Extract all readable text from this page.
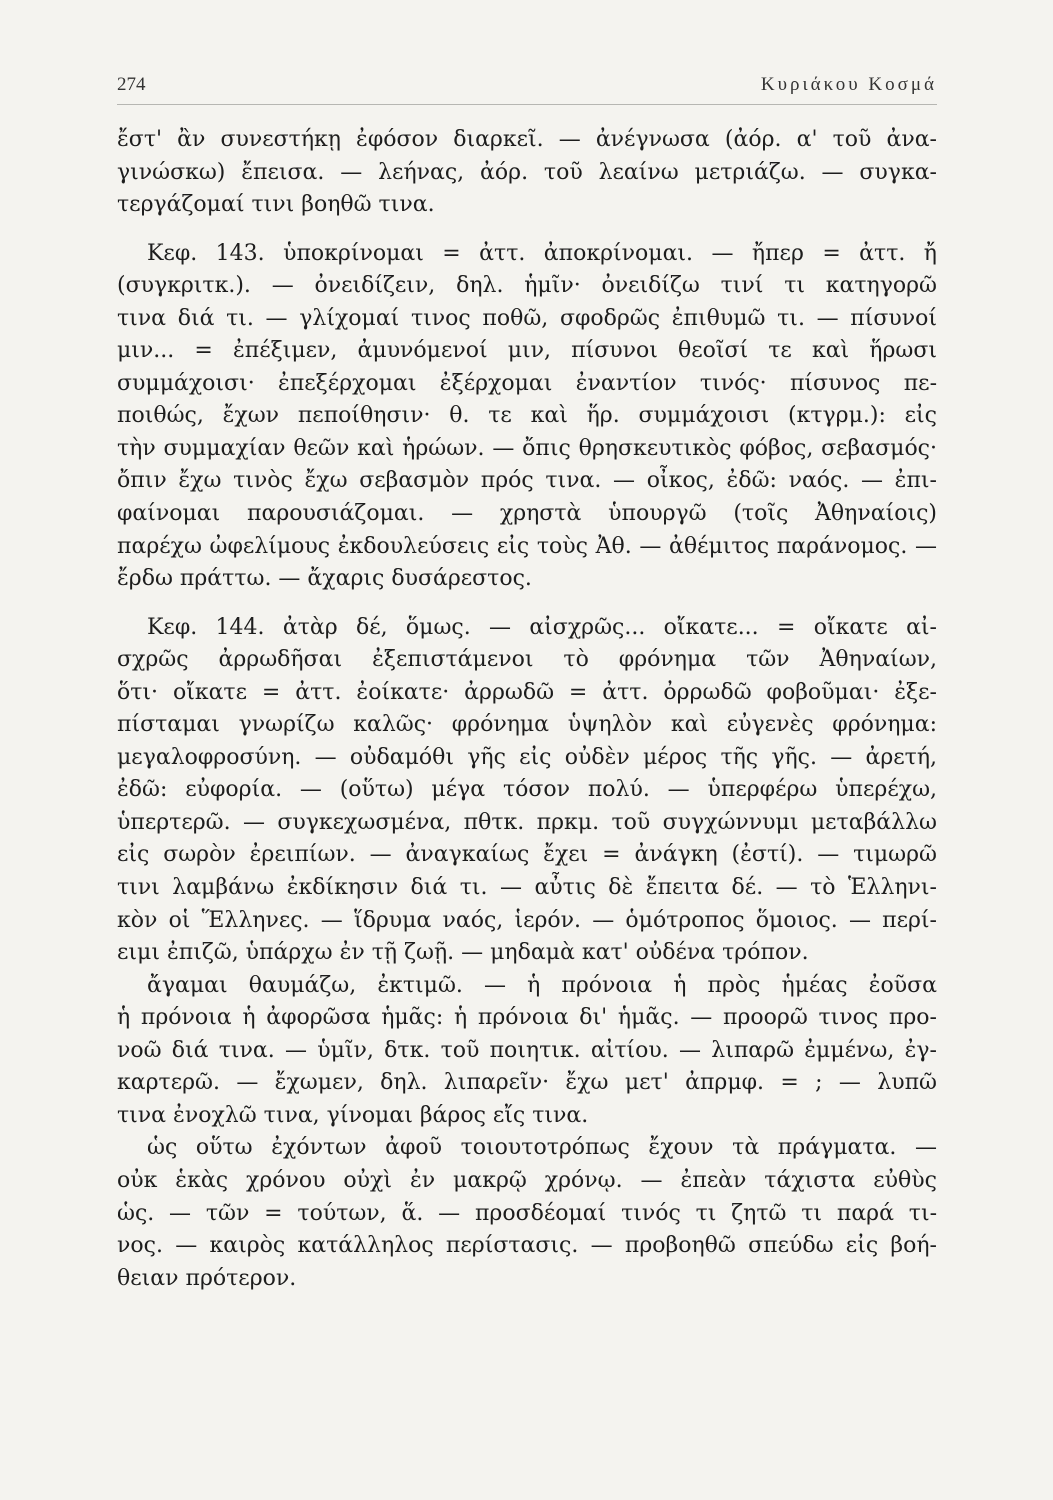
274	Κυριάκου Κοσμά
ἔστ' ἂν συνεστήκῃ ἐφόσον διαρκεῖ. — ἀνέγνωσα (ἀόρ. α' τοῦ ἀνα-
γινώσκω) ἔπεισα. — λεήνας, ἀόρ. τοῦ λεαίνω μετριάζω. — συγκα-
τεργάζομαί τινι βοηθῶ τινα.
Κεφ. 143. ὑποκρίνομαι = ἀττ. ἀποκρίνομαι. — ἤπερ = ἀττ. ἤ
(συγκριτκ.). — ὀνειδίζειν, δηλ. ἡμῖν· ὀνειδίζω τινί τι κατηγορῶ
τινα διά τι. — γλίχομαί τινος ποθῶ, σφοδρῶς ἐπιθυμῶ τι. — πίσυνοί
μιν... = ἐπέξιμεν, ἀμυνόμενοί μιν, πίσυνοι θεοῖσί τε καὶ ἥρωσι
συμμάχοισι· ἐπεξέρχομαι ἐξέρχομαι ἐναντίον τινός· πίσυνος πε-
ποιθώς, ἔχων πεποίθησιν· θ. τε καὶ ἥρ. συμμάχοισι (κτγρμ.): εἰς
τὴν συμμαχίαν θεῶν καὶ ἡρώων. — ὄπις θρησκευτικὸς φόβος, σεβασμός·
ὄπιν ἔχω τινὸς ἔχω σεβασμὸν πρός τινα. — οἶκος, ἐδῶ: ναός. — ἐπι-
φαίνομαι παρουσιάζομαι. — χρηστὰ ὑπουργῶ (τοῖς Ἀθηναίοις)
παρέχω ὠφελίμους ἐκδουλεύσεις εἰς τοὺς Ἀθ. — ἀθέμιτος παράνομος. —
ἔρδω πράττω. — ἄχαρις δυσάρεστος.
Κεφ. 144. ἀτὰρ δέ, ὅμως. — αἰσχρῶς... οἴκατε... = οἴκατε αἰ-
σχρῶς ἀρρωδῆσαι ἐξεπιστάμενοι τὸ φρόνημα τῶν Ἀθηναίων,
ὅτι· οἴκατε = ἀττ. ἐοίκατε· ἀρρωδῶ = ἀττ. ὀρρωδῶ φοβοῦμαι· ἐξε-
πίσταμαι γνωρίζω καλῶς· φρόνημα ὑψηλὸν καὶ εὐγενὲς φρόνημα:
μεγαλοφροσύνη. — οὐδαμόθι γῆς εἰς οὐδὲν μέρος τῆς γῆς. — ἀρετή,
ἐδῶ: εὐφορία. — (οὕτω) μέγα τόσον πολύ. — ὑπερφέρω ὑπερέχω,
ὑπερτερῶ. — συγκεχωσμένα, πθτκ. πρκμ. τοῦ συγχώννυμι μεταβάλλω
εἰς σωρὸν ἐρειπίων. — ἀναγκαίως ἔχει = ἀνάγκη (ἐστί). — τιμωρῶ
τινι λαμβάνω ἐκδίκησιν διά τι. — αὖτις δὲ ἔπειτα δέ. — τὸ Ἑλληνι-
κὸν οἱ Ἕλληνες. — ἵδρυμα ναός, ἱερόν. — ὁμότροπος ὅμοιος. — περί-
ειμι ἐπιζῶ, ὑπάρχω ἐν τῇ ζωῇ. — μηδαμὰ κατ' οὐδένα τρόπον.
ἄγαμαι θαυμάζω, ἐκτιμῶ. — ἡ πρόνοια ἡ πρὸς ἡμέας ἐοῦσα
ἡ πρόνοια ἡ ἀφορῶσα ἡμᾶς: ἡ πρόνοια δι' ἡμᾶς. — προορῶ τινος προ-
νοῶ διά τινα. — ὑμῖν, δτκ. τοῦ ποιητικ. αἰτίου. — λιπαρῶ ἐμμένω, ἐγ-
καρτερῶ. — ἔχωμεν, δηλ. λιπαρεῖν· ἔχω μετ' ἀπρμφ. = ; — λυπῶ
τινα ἐνοχλῶ τινα, γίνομαι βάρος εἴς τινα.
ὡς οὕτω ἐχόντων ἀφοῦ τοιουτοτρόπως ἔχουν τὰ πράγματα. —
οὐκ ἑκὰς χρόνου οὐχὶ ἐν μακρῷ χρόνῳ. — ἐπεὰν τάχιστα εὐθὺς
ὡς. — τῶν = τούτων, ἅ. — προσδέομαί τινός τι ζητῶ τι παρά τι-
νος. — καιρὸς κατάλληλος περίστασις. — προβοηθῶ σπεύδω εἰς βοή-
θειαν πρότερον.
